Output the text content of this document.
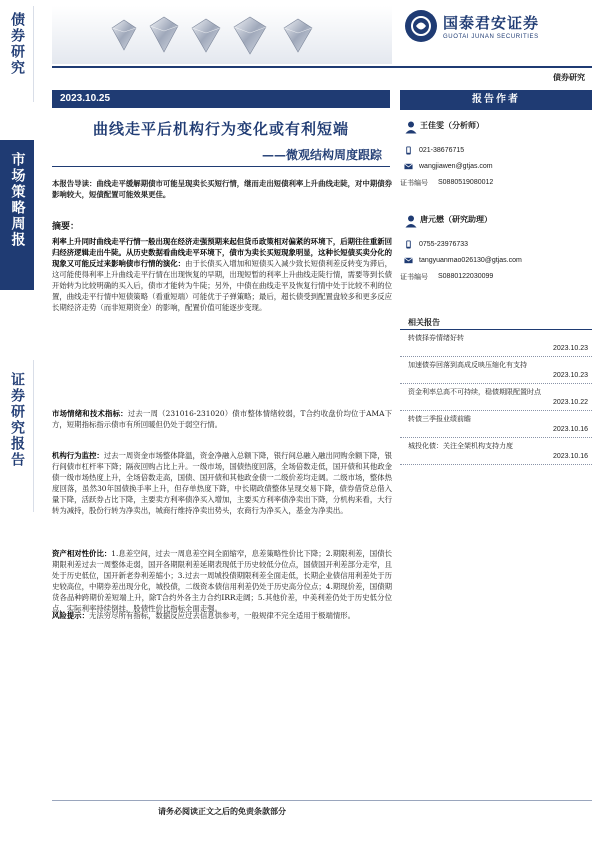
债券研究
市场策略周报
证券研究报告
国泰君安证券
GUOTAI JUNAN SECURITIES
债券研究
2023.10.25
曲线走平后机构行为变化或有利短端
——微观结构周度跟踪
本报告导读：曲线走平缓解期债市可能呈现卖长买短行情，继而走出短债利率上升曲线走陡，对中期债券影响较大，短债配置可能效果更佳。
摘要：
利率上升同时曲线走平行情一般出现在经济走强预期来起但货币政策相对偏紧的环境下，后期往往重新回归经济逻辑走出牛陡。从历史数据看曲线走平环境下，债市为卖长买短现象明显，这种长短债买卖分化的现象又可能反过来影响债市行情的演化：由于长债买入增加和短债买入减少致长短债利差反转变为滞后，这可能使得利率上升曲线走平行情在出现恢复的早期，出现短暂的利率上升曲线走陡行情，需要等到长债开始转为比较明确的买入后，债市才能转为牛陡；另外，中债在曲线走平及恢复行情中处于比较不利的位置，曲线走平行情中短债策略（看重短端）可能优于子弹策略；最后，超长债受到配置盘较多和更多反应长期经济走势（而非短期资金）的影响，配置价值可能逐步变现。
市场情绪和技术指标：过去一周（231016-231020）债市整体情绪较弱，T合约收盘价均位于AMA下方，短期指标指示债市有所回暖但仍处于弱空行情。
机构行为监控：过去一周资金市场整体降温，资金净融入总额下降，银行间总融入融出同购余额下降，银行间债市杠杆率下降；隔夜回购占比上升。一级市场，国债热度回落，全场倍数走低，国开债和其他政金债一级市场热度上升，全场倍数走高，国债、国开债和其他政金债一二级价差均走阔。二级市场，整体热度回落，虽然30年国债换手率上升，但存单热度下降，中长期政债整体呈现交易下降，债券借贷总借入量下降，活跃券占比下降，主要卖方利率债净买入增加，主要买方利率债净卖出下降，分机构来看，大行转为减持，股份行转为净卖出，城商行维持净卖出势头，农商行为净买入，基金为净卖出。
资产相对性价比：1.息差空间，过去一周息差空间全面缩窄，息差策略性价比下降；2.期限利差，国债长期限利差过去一周整体走弱，国开各期限利差延期表现低于历史较低分位点，国债国开利差部分走窄，且处于历史低位，国开新老券利差缩小；3.过去一周城投债期限利差全面走低，长期企业债信用利差处于历史较高位，中期券差出现分化，城投债，二级资本债信用利差仍处于历史高分位点；4.期现价差，国债期货各品种跨期价差短端上升，除T合约外各主力合约IRR走阔；5.其他价差，中美利差仍处于历史低分位点，实际利率持续倒挂，股债性价比指标全面走强。
风险提示：无法穷尽所有指标，数据反应过去信息供参考，一般规律不完全适用于极端情形。
请务必阅读正文之后的免责条款部分
报告作者
王佳雯（分析师）
021-38676715
wangjiawen@gtjas.com
证书编号 S0880519080012
唐元懋（研究助理）
0755-23976733
tangyuanmao026130@gtjas.com
证书编号 S0880122030099
相关报告
转债择券情绪好转
2023.10.23
加速债券回落到高成反映压缩化有支持
2023.10.23
资金利率总高不可持续，稳债期限配置时点
2023.10.22
转债三季报业绩前瞻
2023.10.16
城投化债：关注全架机构支持力度
2023.10.16
